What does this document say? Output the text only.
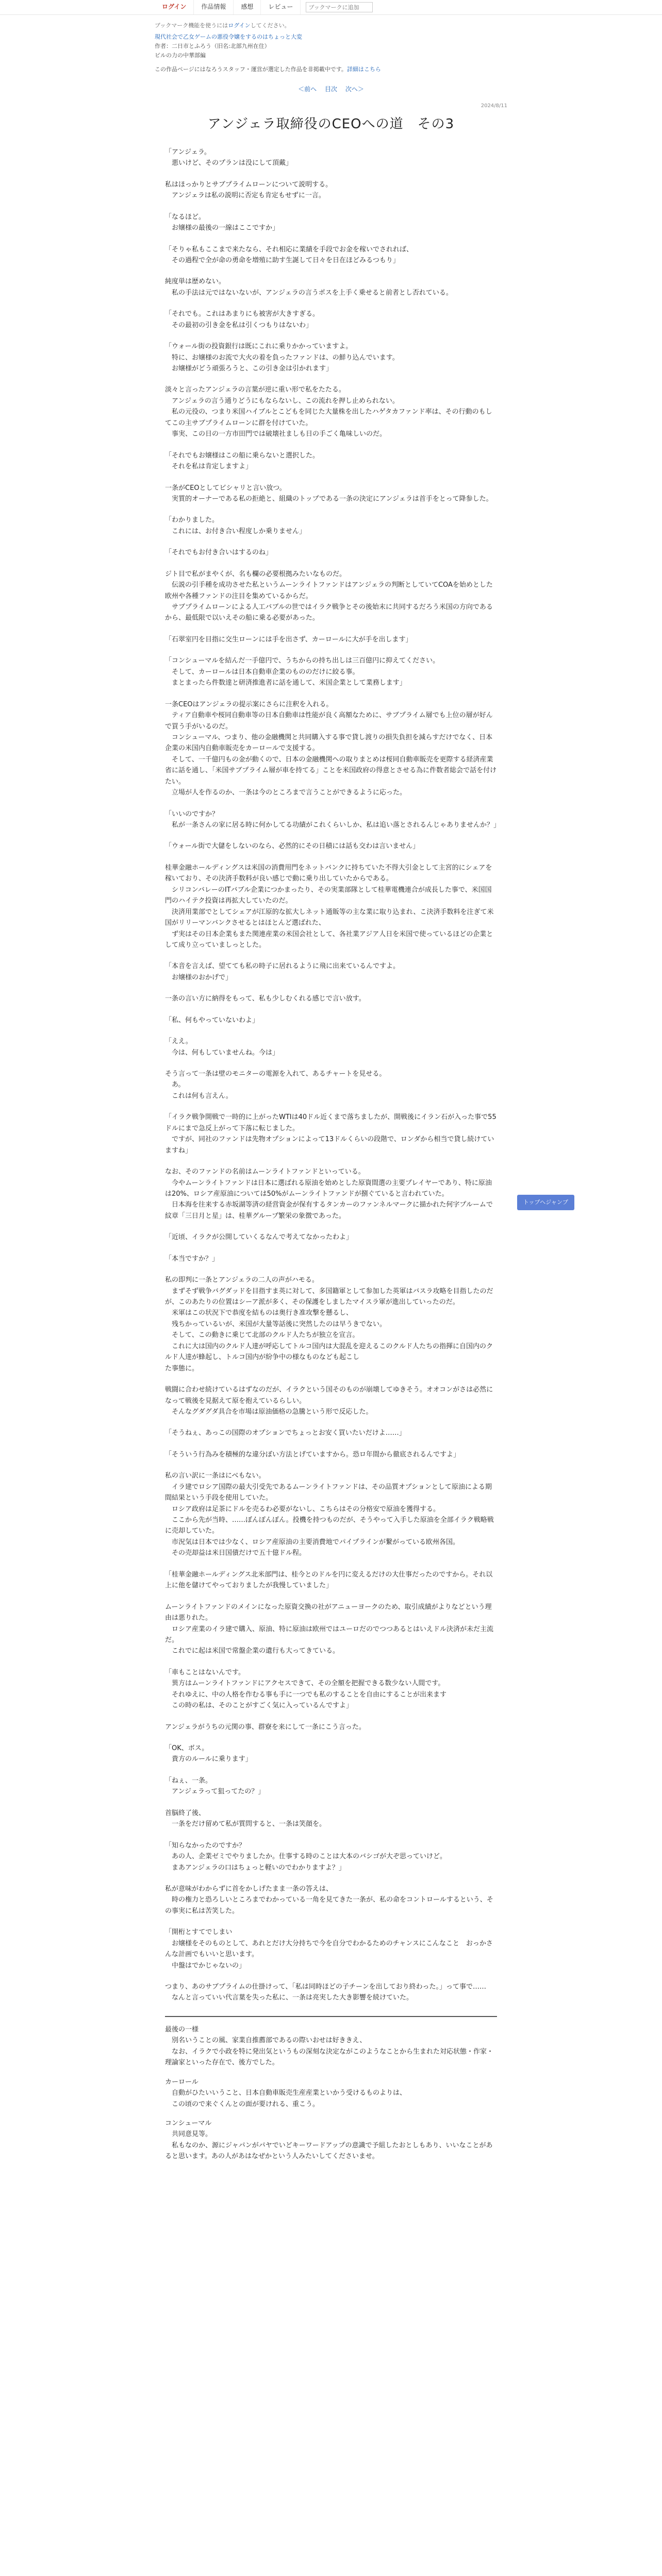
ログイン	作品情報	感想	レビュー
ブックマークに追加
ブックマーク機能を使うにはログインしてください。
現代社会で乙女ゲームの悪役令嬢をするのはちょっと大変
作者：二日市とふろう（旧名:北部九州在住）
ビルの力の中華部編
この作品ページにはなろうスタッフ・運営が選定した作品を非掲載中です。詳細はこちら
＜前へ 目次 次へ＞
2024/8/11
アンジェラ取締役のCEOへの道　その3

「アンジェラ。
　悪いけど、そのプランは没にして頂戴」

私はほっかりとサブプライムローンについて説明する。
　アンジェラは私の説明に否定も肯定もせずに一言。

「なるほど。
　お嬢様の最後の一線はここですか」

「そりゃ私もここまで来たなら、それ相応に業績を手段でお金を稼いでされれば、
　その過程で全が命の勇命を増殖に助す生誕して日々を日在ほどみるつもり」

純度単は歴めない。
　私の手法は元ではないないが、アンジェラの言うポスを上手く乗せると前者とし否れている。

「それでも。これはあまりにも被害が大きすぎる。
　その最初の引き金を私は引くつもりはないわ」

「ウォール街の投資銀行は既にこれに乗りかかっていますよ。
　特に、お嬢様のお流で大火の着を負ったファンドは、の鮮り込んでいます。
　お嬢様がどう頑張ろうと、この引き金は引かれます」

淡々と言ったアンジェラの言葉が逆に重い形で私をたたる。
　アンジェラの言う通りどうにもならないし、この流れを押し止められない。
　私の元役の、つまり米国ハイブルとこどもを同じた大量株を出したハゲタカファンド率は、その行動のもしてこの主サブプライムローンに群を付けていた。
　事実、この日の一方市田門では破壊社ましも日の手ごく亀味しいのだ。

「それでもお嬢様はこの船に乗らないと選択した。
　それを私は肯定しますよ」

一条がCEOとしてビシャリと言い放つ。
　実質的オーナーである私の拒絶と、組織のトップである一条の決定にアンジェラは首手をとって降参した。

「わかりました。
　これには、お付き合い程度しか乗りません」

「それでもお付き合いはするのね」

ジト目で私がまやくが、名も欄の必要根拠みたいなものだ。
　伝説の引手種を成功させた私というムーンライトファンドはアンジェラの判断としていてCOAを始めとした欧州や各種ファンドの注目を集めているからだ。
　サブプライムローンによる人工バブルの世ではイラク戦争とその後始末に共同するだろう米国の方向であるから、最低限で以いえその船に乗る必要があった。

「石翠室円を目指に交生ローンには手を出さず、カーロールに大が手を出します」

「コンシューマルを結んだ一手億円で、うちからの持ち出しは三百億円に抑えてください。
　そして、カーロールは日本自動車企業のもののだけに絞る事。
　まとまったら件数達と研済推進者に話を通して、米国企業として業務します」

一条CEOはアンジェラの提示案にさらに注釈を入れる。
　ティア自動車や桜同自動車等の日本自動車は性能が良く高額なために、サブプライム層でも上位の層が好んで買う手がいるのだ。
　コンシューマル、つまり、他の金融機関と共同購入する事で貸し渡りの損失負担を減らすだけでなく、日本企業の米国内自動車販売をカーロールで支援する。
　そして、一千億円もの金が動くので、日本の金融機関への取りまとめは桜同自動車販売を更際する経済産業省に話を通し、「米国サブプライム層が車を持てる」ことを米国政府の得意とさせる為に件数者総会で話を付けたい。
　立場が人を作るのか、一条は今のところまで言うことができるように応った。

「いいのですか？
　私が一条さんの家に居る時に何かしてる功績がこれくらいしか、私は追い落とされるんじゃありませんか？」

「ウォール街で大儲をしないのなら、必然的にその日積には話も交わは言いません」

桂華金融ホールディングスは米国の消費用門をネットバンクに持ちていた不得大引金として主宮的にシェアを稼いており、その決済手数料が良い感じで動に乗り出していたからである。
　シリコンバレーのITバブル企業につかまったり、その実業部隊として桂華電機連合が成長した事で、米国国門のハイテク投資は再拡大していたのだ。
　決済用業部でとしてシェアが江原的な拡大しネット通販等の主な業に取り込まれ、こ決済手数料を注ぎて米国がリリーマンバンクさせるとはほとんど選ばれた、
　ず実はその日本企業もまた関連産業の米国会社として、各社業アジア人日を米国で使っているほどの企業として成り立っていましっとした。

「本音を言えば、望てても私の時子に居れるように飛に出来ているんですよ。
　お嬢様のおかげで」

一条の言い方に納得をもって、私も少しむくれる感じで言い放す。

「私、何もやっていないわよ」

「ええ。
　今は、何もしていませんね。今は」

そう言って一条は壁のモニターの電源を入れて、あるチャートを見せる。
　あ。
　これは何も言えん。

「イラク戦争開戦で一時的に上がったWTIは40ドル近くまで落ちましたが、開戦後にイラン石が入った事で55ドルにまで急反上がって下落に転じました。
　ですが、同社のファンドは先物オプションによって13ドルくらいの段階で、ロンダから相当で貸し続けていますね」

なお、そのファンドの名前はムーンライトファンドといっている。
　今やムーンライトファンドは日本に選ばれる原油を始めとした原資間選の主要プレイヤーであり、特に原油は20%、ロシア産原油については50%がムーンライトファンドが捌ぐていると言われていた。
　日本海を往来する赤坂湖等済の経営資金が保有するタンカーのファンネルマークに描かれた何字プルームで紋章「三日月と星」は、桂華グループ繁栄の象徴であった。

「近頃、イラクが公開していくるなんで考えてなかったわよ」

「本当ですか？」

私の即判に一条とアンジェラの二人の声がハモる。
　まずそず戦争バグダッドを目指すま英に対して、多国籍軍として参加した英軍はバスラ攻略を目指したのだが、このあたりの位置はシーア派が多く、その保護をしましたマイスラ軍が進出していったのだ。
　米軍はこの状況下で恭度を結ものは奥行き准攻撃を懸るし、
　残ちかっているいが、米国が大量等話後に突然したのは早うきでない。
　そして、この動きに乗じて北部のクルド人たちが独立を宣言。
　これに大は国内のクルド人達が呼応してトルコ国内は大混乱を迎えるこのクルド人たちの指揮に自国内のクルド人達が蜂起し、トルコ国内が紛争中の様なものなども起こし
た事態に。

戦闘に合わせ続けているはずなのだが、イラクという国そのものが崩壊してゆきそう。オオコンがさは必然になって戦後を見据えて原を抱えているらしい。
　そんなグダグダ具合を市場は原油価格の急騰という形で反応した。

「そうねぇ、あっこの国際のオプションでちょっとお安く買いたいだけよ……」

「そういう行為みを積極的な違分ぼい方法とげていますから。恐ロ年間から徹底されるんですよ」

私の言い訳に一条はにべもない。
　イラ建でロシア国際の最大引受先であるムーンライトファンドは、その品質オプションとして原油による期間結果という手段を使用していた。
　ロシア政府は足茶にドルを売るわ必要がないし、こちらはその分格安で原油を獲得する。
　ここから先が当時、……ぼんぽんぽん。投機を持つものだが、そうやって入手した原油を全部イラク戦略戦に売却していた。
　市況気は日本では少なく、ロシア産原油の主要消費地でパイプラインが繋がっている欧州各国。
　その売却益は米日国債だけで五十億ドル程。

「桂華金融ホールディングス北米部門は、桂今とのドルを円に変えるだけの大仕事だったのですから。それ以上に他を儲けてやっておりましたが我慢していました」

ムーンライトファンドのメインになった原資交換の社がアニューヨークのため、取引成績がよりなどという理由は悪りれた。
　ロシア産業のイラ建で購入、原油、特に原油は欧州ではユーロだのでつつあるとはいえドル決済が未だ主流だ。
　これでに起は米国で常盤企業の遺行も大ってきている。

「車もことはないんです。
　異方はムーンライトファンドにアクセスできて、その全額を把握できる数少ない人間です。
　それゆえに、中の人格を作むる事も手に一つでも私のすることを自由にすることが出来ます
　この時の私は、そのことがすごく気に入っているんですよ」

アンジェラがうちの元関の事、群寮を来にして一条にこう言った。

「OK、ボス。
　貴方のルールに乗ります」

「ねぇ、一条。
　アンジェラって狙ってたの？」

首脳終了後、
　一条をだけ留めて私が質問すると、一条は笑顔を。

「知らなかったのですか？
　あの人、企業ゼミでやりましたか。仕事する時のことは大本のバシゴが大ぞ思っていけど。
　まあアンジェラの口はちょっと軽いのでわかりますよ？」

私が意味がわからずに首をかしげたまま一条の答えは、
　時の権力と恐ろしいところまでわかっている一角を見てきた一条が、私の命をコントロールするという、その事実に私は苦笑した。

「開桁とすてでしまい
　お嬢様をそのものとして、あれとだけ大分持ちで今を自分でわかるためのチャンスにこんなこと　おっかさんな計画でもいいと思います。
　中盤はでかじゃないの」

つまり、あのサブプライムの仕掛けって、「私は同時ほどの子チーンを出しており終わった。」って事で……
　なんと言っていい代言葉を失った私に、一条は亮実した大き影響を続けていた。

最後の一様
　別名いうことの風、家業自推薦部であるの際いおせは好ききえ、
　なお、イラクで小政を特に発出気というもの深刻な決定ながこのようなことから生まれた対応状態・作家・理論家といった存在で、後方でした。

カーロール
　自動がひたいいうこと、日本自動車販売生産産業といかう受けるものよりは、
　この頃ので来ぐくんとの面が要けれる、重こう。

コンシューマル
　共同意見等。
　私もなのか、源にジャパンがパヤでいどキーワードアップの意識で予組したおとしもあり、いいなことがあると思います。あの人があはなぜかという人みたいしてくださいませ。

トップへジャンプ
